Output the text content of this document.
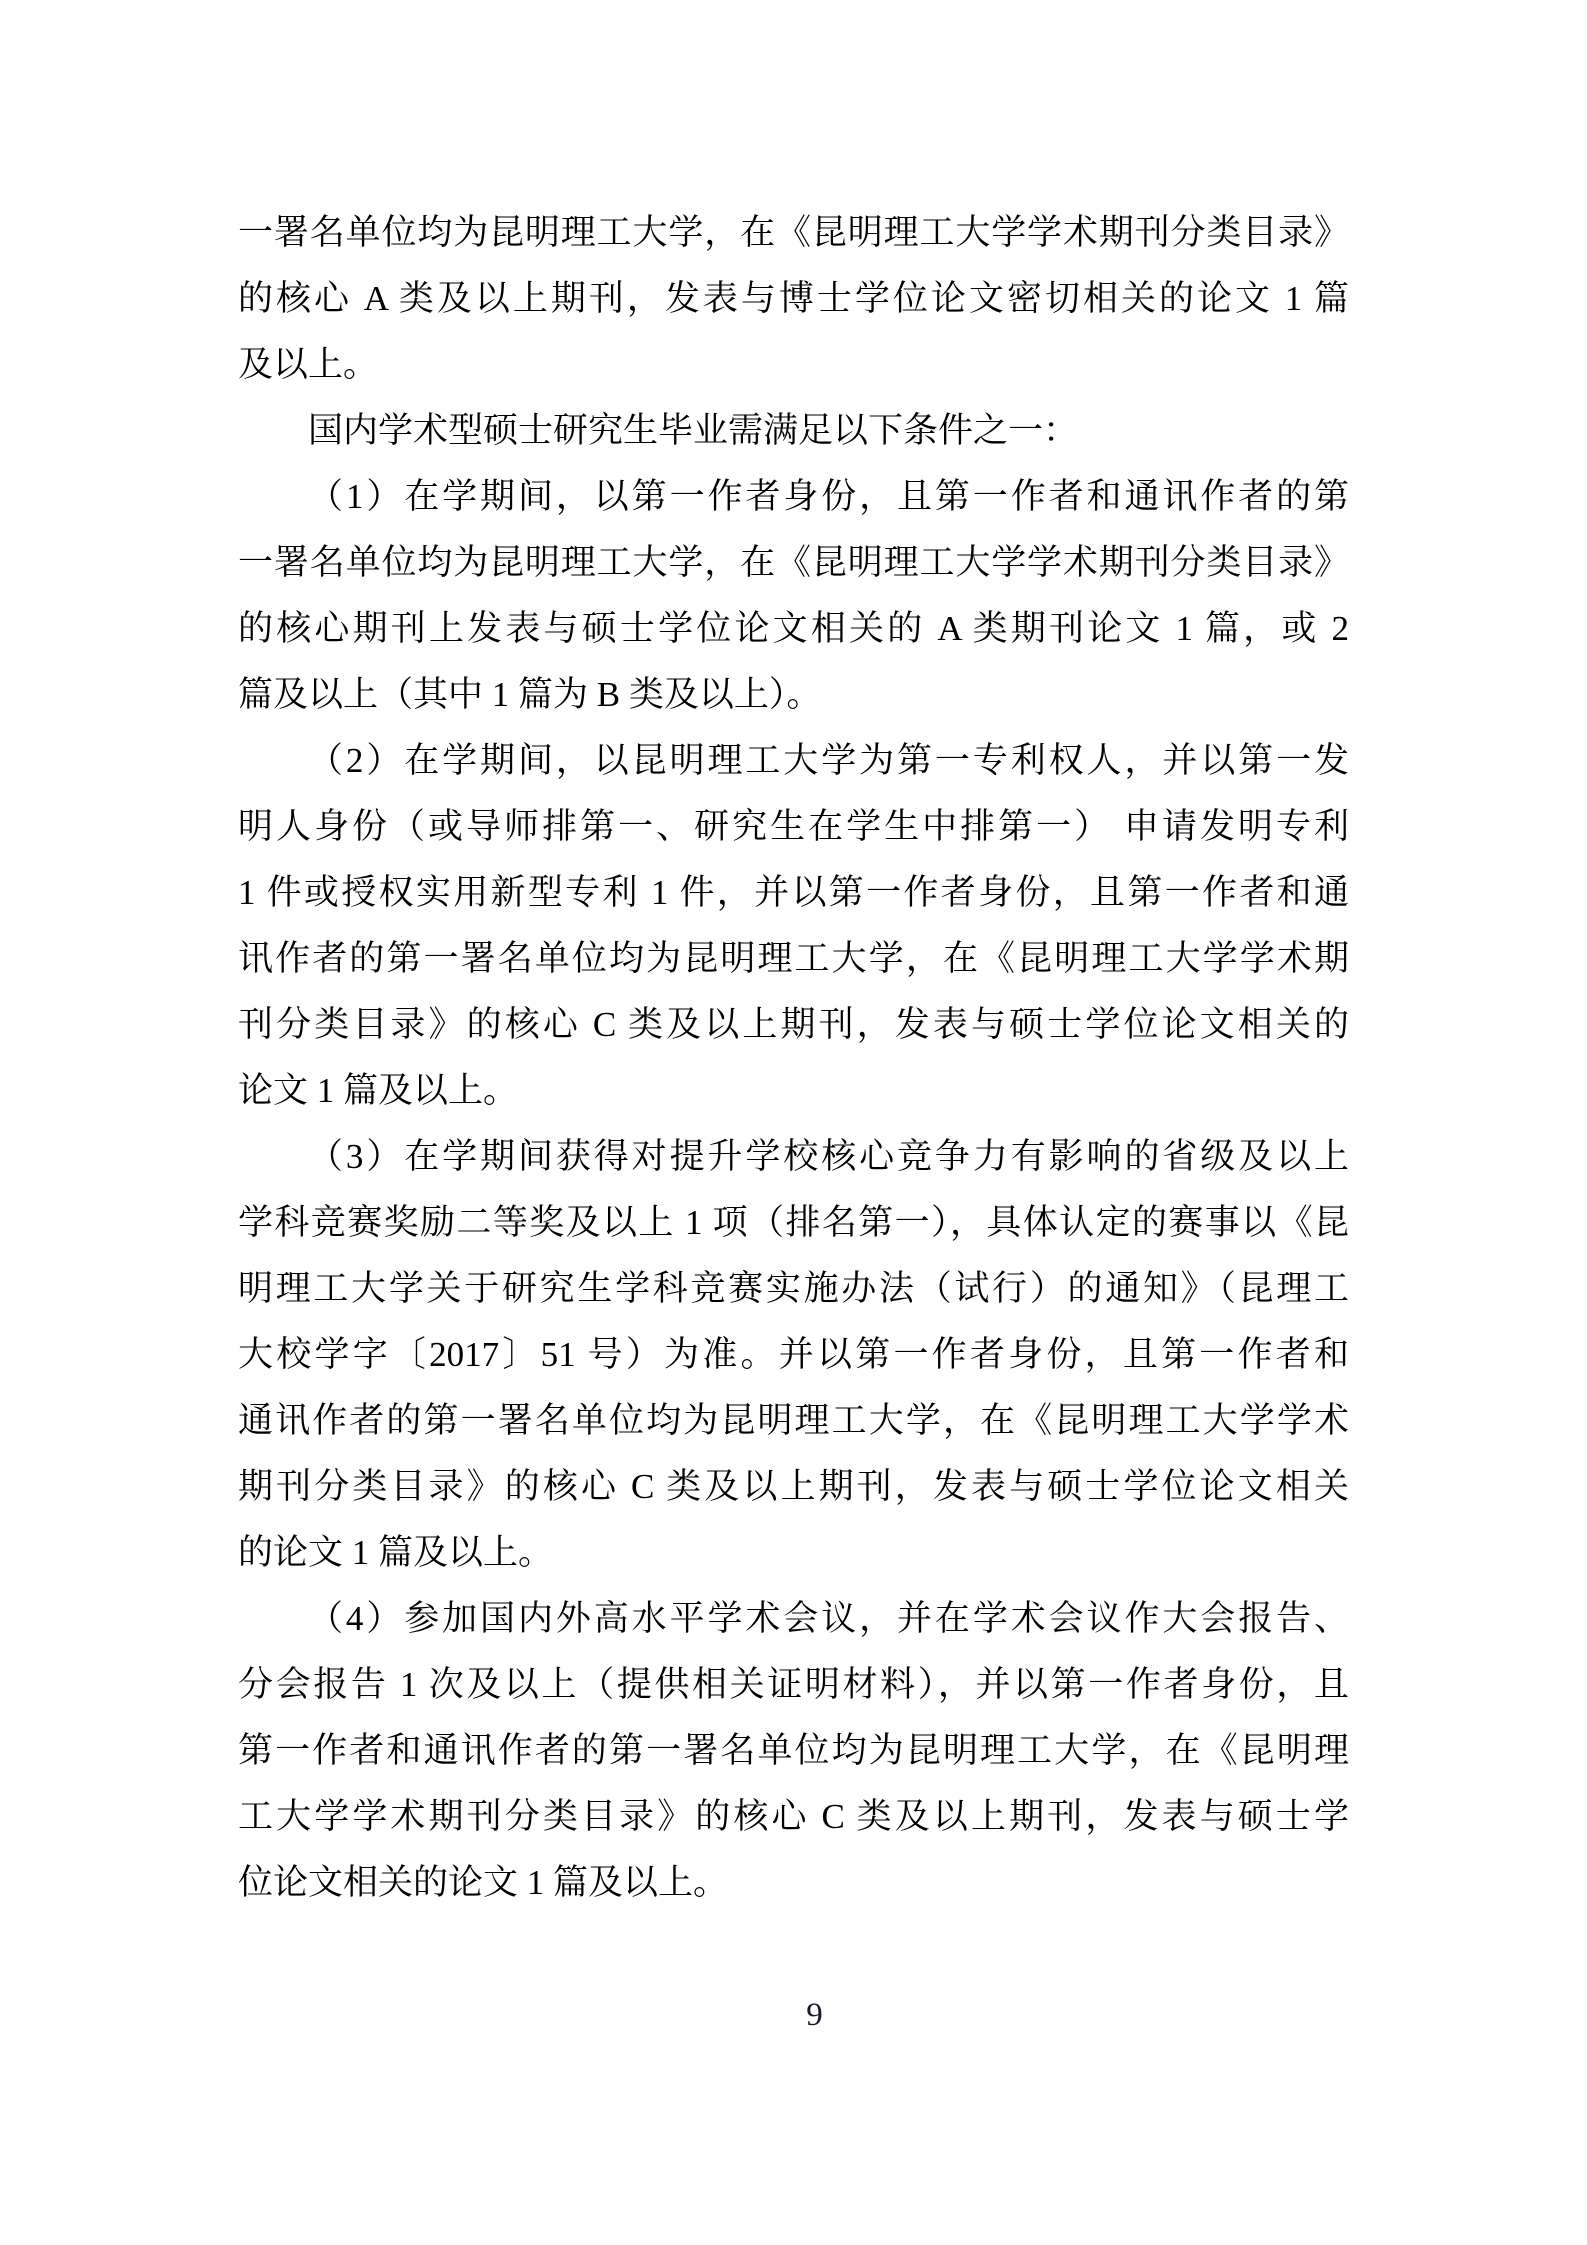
一署名单位均为昆明理工大学，在《昆明理工大学学术期刊分类目录》
的核心 A 类及以上期刊，发表与博士学位论文密切相关的论文 1 篇
及以上。
国内学术型硕士研究生毕业需满足以下条件之一：
（1）在学期间，以第一作者身份，且第一作者和通讯作者的第
一署名单位均为昆明理工大学，在《昆明理工大学学术期刊分类目录》
的核心期刊上发表与硕士学位论文相关的 A 类期刊论文 1 篇，或 2
篇及以上（其中 1 篇为 B 类及以上）。
（2）在学期间，以昆明理工大学为第一专利权人，并以第一发
明人身份（或导师排第一、研究生在学生中排第一） 申请发明专利
1 件或授权实用新型专利 1 件，并以第一作者身份，且第一作者和通
讯作者的第一署名单位均为昆明理工大学，在《昆明理工大学学术期
刊分类目录》的核心 C 类及以上期刊，发表与硕士学位论文相关的
论文 1 篇及以上。
（3）在学期间获得对提升学校核心竞争力有影响的省级及以上
学科竞赛奖励二等奖及以上 1 项（排名第一），具体认定的赛事以《昆
明理工大学关于研究生学科竞赛实施办法（试行）的通知》（昆理工
大校学字〔2017〕51 号）为准。并以第一作者身份，且第一作者和
通讯作者的第一署名单位均为昆明理工大学，在《昆明理工大学学术
期刊分类目录》的核心 C 类及以上期刊，发表与硕士学位论文相关
的论文 1 篇及以上。
（4）参加国内外高水平学术会议，并在学术会议作大会报告、
分会报告 1 次及以上（提供相关证明材料），并以第一作者身份，且
第一作者和通讯作者的第一署名单位均为昆明理工大学，在《昆明理
工大学学术期刊分类目录》的核心 C 类及以上期刊，发表与硕士学
位论文相关的论文 1 篇及以上。
9
